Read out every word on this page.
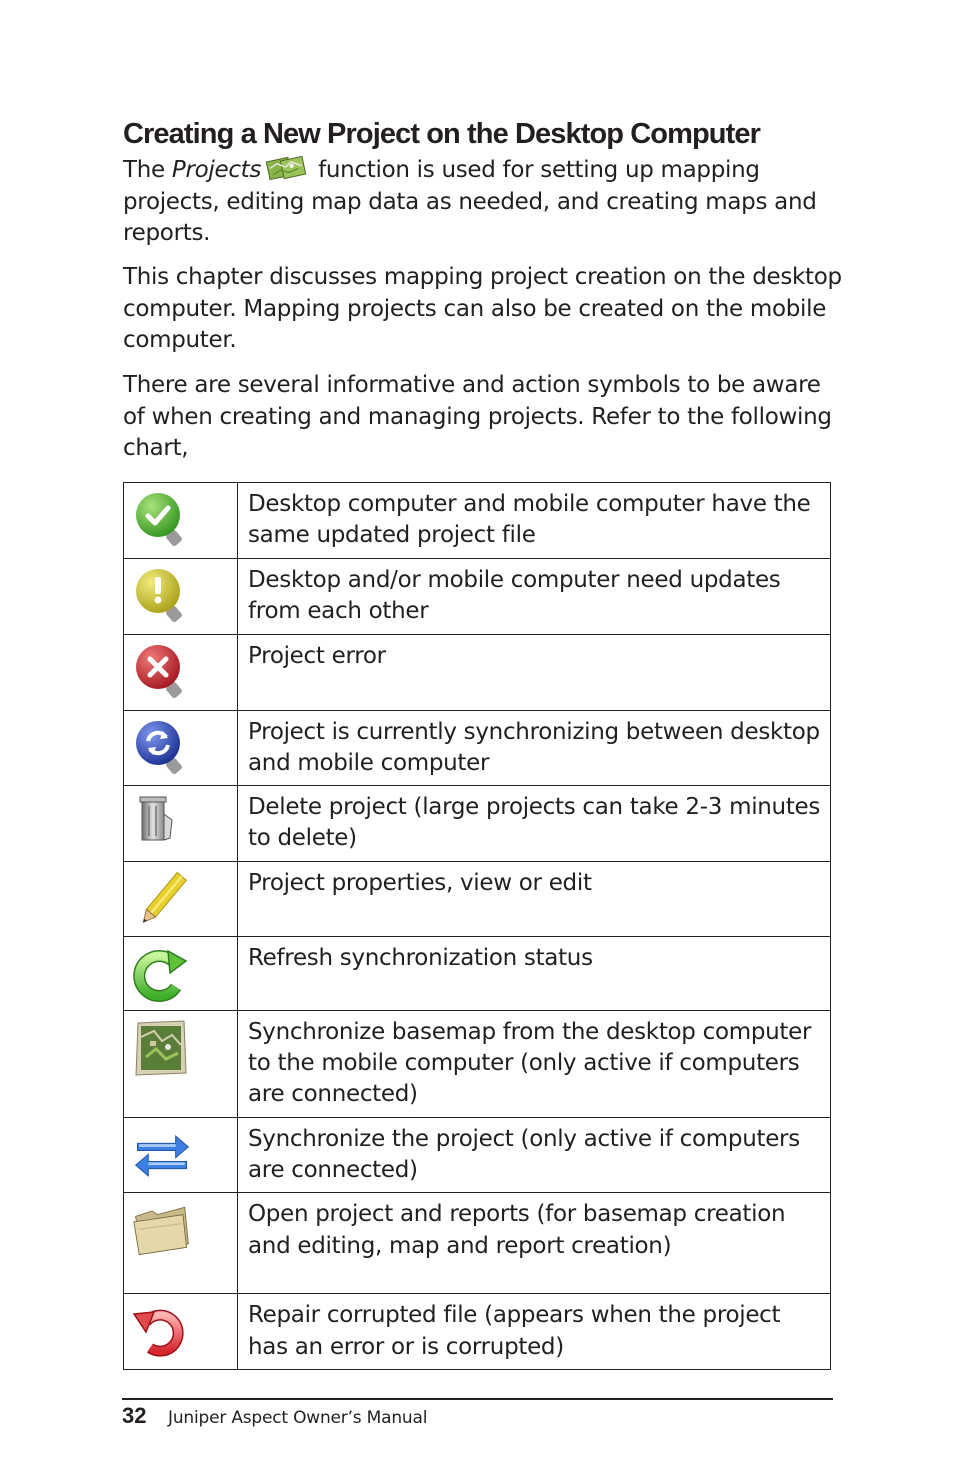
Creating a New Project on the Desktop Computer

The Projects function is used for setting up mapping projects, editing map data as needed, and creating maps and reports.

This chapter discusses mapping project creation on the desktop computer. Mapping projects can also be created on the mobile computer.

There are several informative and action symbols to be aware of when creating and managing projects. Refer to the following chart,

	Desktop computer and mobile computer have the same updated project file

	Desktop and/or mobile computer need updates from each other

	Project error

	Project is currently synchronizing between desktop and mobile computer

	Delete project (large projects can take 2-3 minutes to delete)

	Project properties, view or edit

	Refresh synchronization status

	Synchronize basemap from the desktop computer to the mobile computer (only active if computers are connected)

	Synchronize the project (only active if computers are connected)

	Open project and reports (for basemap creation and editing, map and report creation)

	Repair corrupted file (appears when the project has an error or is corrupted)
32 Juniper Aspect Owner’s Manual
